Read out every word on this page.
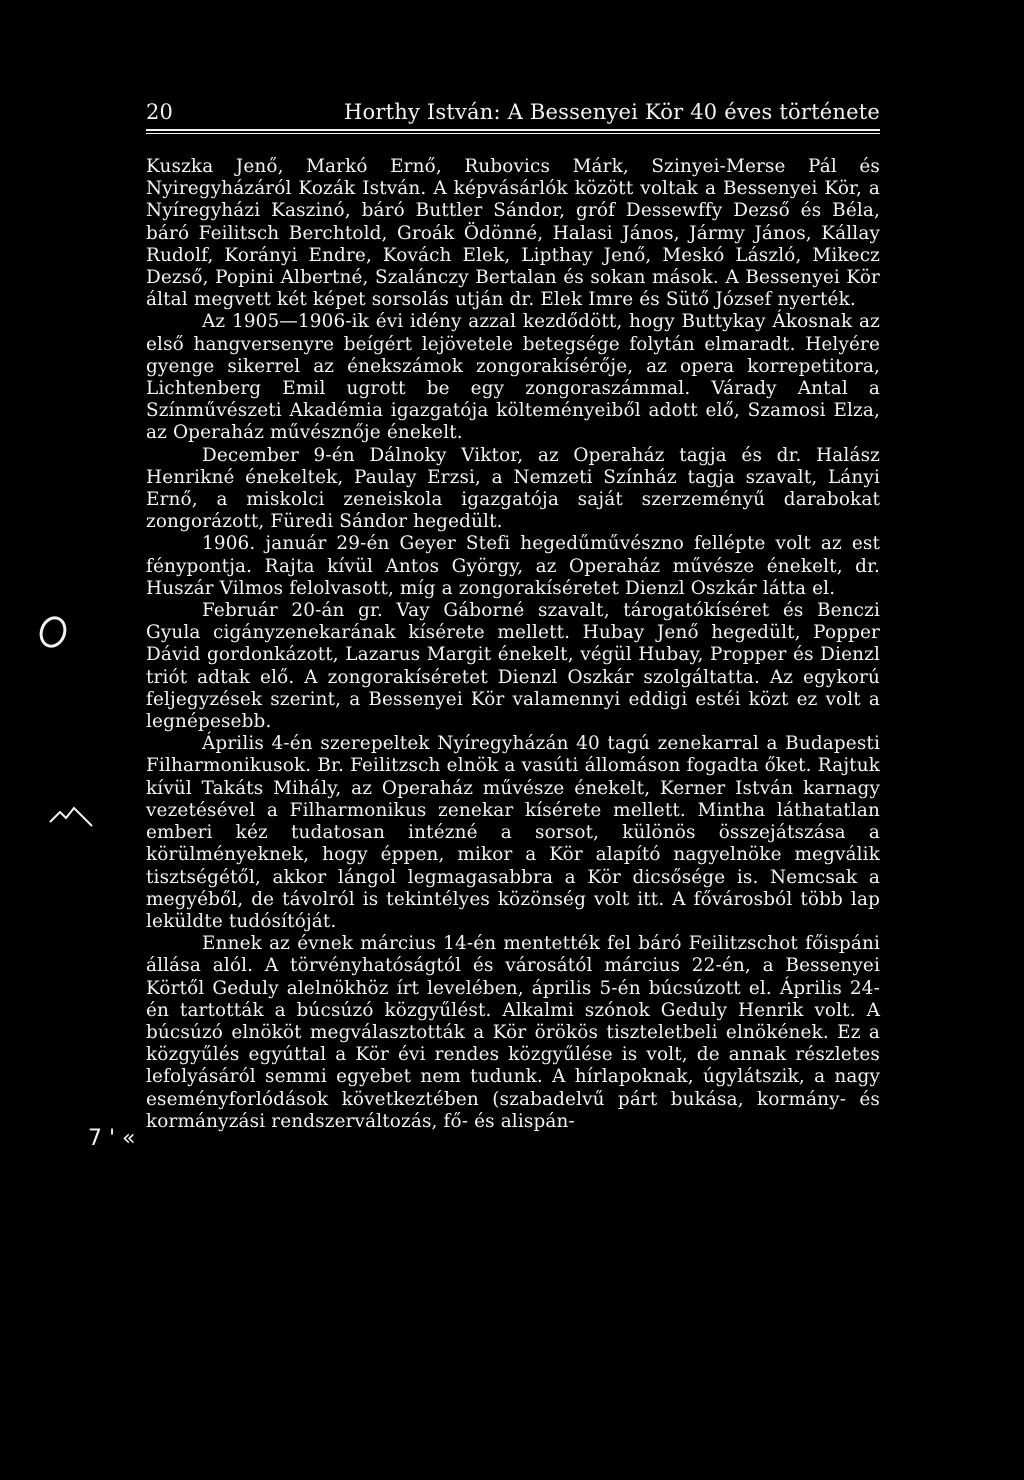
20	Horthy István: A Bessenyei Kör 40 éves története

Kuszka Jenő, Markó Ernő, Rubovics Márk, Szinyei-Merse Pál és Nyiregyházáról Kozák István. A képvásárlók között voltak a Bessenyei Kör, a Nyíregyházi Kaszinó, báró Buttler Sándor, gróf Dessewffy Dezső és Béla, báró Feilitsch Berchtold, Groák Ödönné, Halasi János, Jármy János, Kállay Rudolf, Korányi Endre, Kovách Elek, Lipthay Jenő, Meskó László, Mikecz Dezső, Popini Albertné, Szalánczy Bertalan és sokan mások. A Bessenyei Kör által megvett két képet sorsolás utján dr. Elek Imre és Sütő József nyerték.

Az 1905—1906-ik évi idény azzal kezdődött, hogy Buttykay Ákosnak az első hangversenyre beígért lejövetele betegsége folytán elmaradt. Helyére gyenge sikerrel az énekszámok zongorakísérője, az opera korrepetitora, Lichtenberg Emil ugrott be egy zongoraszámmal. Várady Antal a Színművészeti Akadémia igazgatója költeményeiből adott elő, Szamosi Elza, az Operaház művésznője énekelt.

December 9-én Dálnoky Viktor, az Operaház tagja és dr. Halász Henrikné énekeltek, Paulay Erzsi, a Nemzeti Színház tagja szavalt, Lányi Ernő, a miskolci zeneiskola igazgatója saját szerzeményű darabokat zongorázott, Füredi Sándor hegedült.

1906. január 29-én Geyer Stefi hegedűművészno fellépte volt az est fénypontja. Rajta kívül Antos György, az Operaház művésze énekelt, dr. Huszár Vilmos felolvasott, míg a zongorakíséretet Dienzl Oszkár látta el.

Február 20-án gr. Vay Gáborné szavalt, tárogatókíséret és Benczi Gyula cigányzenekarának kísérete mellett. Hubay Jenő hegedült, Popper Dávid gordonkázott, Lazarus Margit énekelt, végül Hubay, Propper és Dienzl triót adtak elő. A zongorakíséretet Dienzl Oszkár szolgáltatta. Az egykorú feljegyzések szerint, a Bessenyei Kör valamennyi eddigi estéi közt ez volt a legnépesebb.

Április 4-én szerepeltek Nyíregyházán 40 tagú zenekarral a Budapesti Filharmonikusok. Br. Feilitzsch elnök a vasúti állomáson fogadta őket. Rajtuk kívül Takáts Mihály, az Operaház művésze énekelt, Kerner István karnagy vezetésével a Filharmonikus zenekar kísérete mellett. Mintha láthatatlan emberi kéz tudatosan intézné a sorsot, különös összejátszása a körülményeknek, hogy éppen, mikor a Kör alapító nagyelnöke megválik tisztségétől, akkor lángol legmagasabbra a Kör dicsősége is. Nemcsak a megyéből, de távolról is tekintélyes közönség volt itt. A fővárosból több lap leküldte tudósítóját.

Ennek az évnek március 14-én mentették fel báró Feilitzschot főispáni állása alól. A törvényhatóságtól és városától március 22-én, a Bessenyei Körtől Geduly alelnökhöz írt levelében, április 5-én búcsúzott el. Április 24-én tartották a búcsúzó közgyűlést. Alkalmi szónok Geduly Henrik volt. A búcsúzó elnököt megválasztották a Kör örökös tiszteletbeli elnökének. Ez a közgyűlés egyúttal a Kör évi rendes közgyűlése is volt, de annak részletes lefolyásáról semmi egyebet nem tudunk. A hírlapoknak, úgylátszik, a nagy eseményforlódások következtében (szabadelvű párt bukása, kormány- és kormányzási rendszerváltozás, fő- és alispán-

7 ' «
